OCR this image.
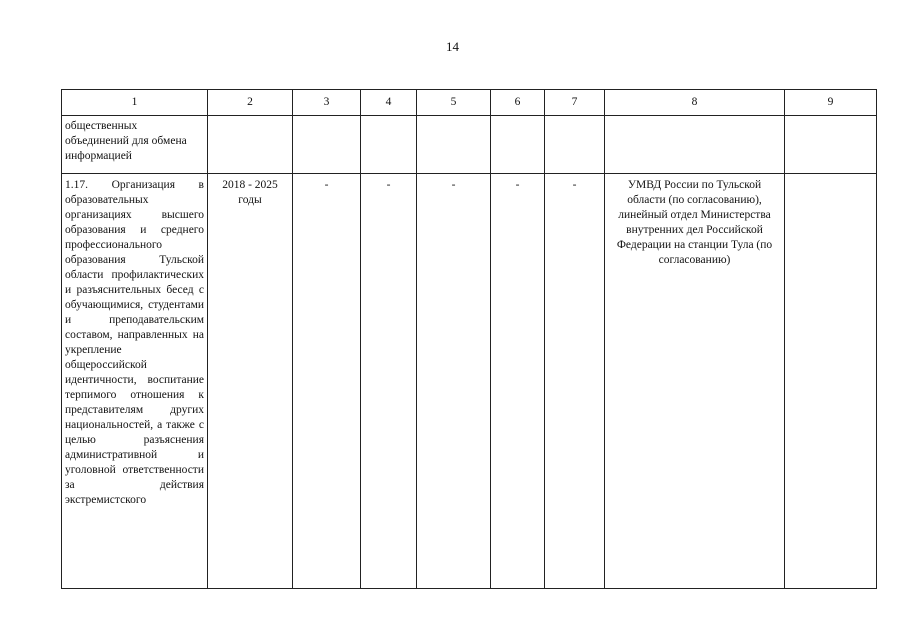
14
1	2	3	4	5	6	7	8	9
общественных объединений для обмена информацией								
1.17. Организация в образовательных организациях высшего образования и среднего профессионального образования Тульской области профилактических и разъяснительных бесед с обучающимися, студентами и преподавательским составом, направленных на укрепление общероссийской идентичности, воспитание терпимого отношения к представителям других национальностей, а также с целью разъяснения административной и уголовной ответственности за действия экстремистского	2018 - 2025 годы	-	-	-	-	-	УМВД России по Тульской области (по согласованию), линейный отдел Министерства внутренних дел Российской Федерации на станции Тула (по согласованию)	
